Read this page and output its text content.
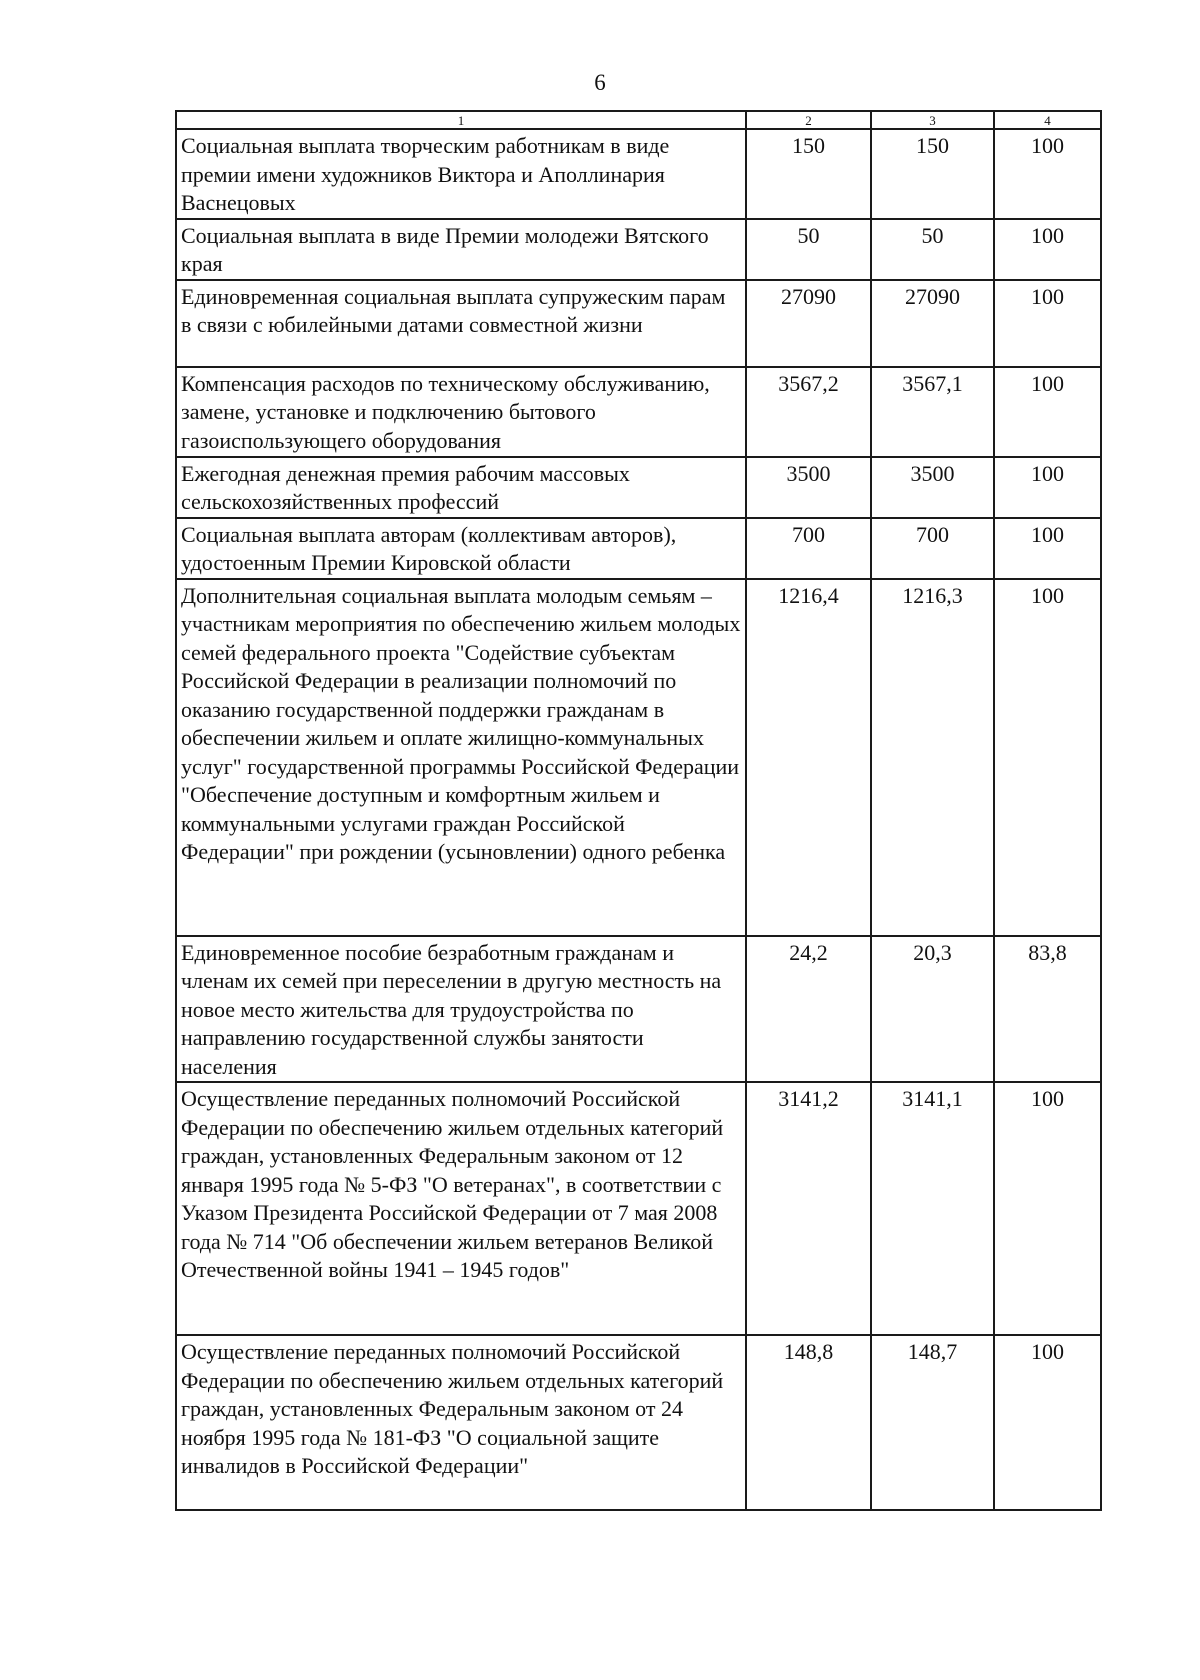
6
1	2	3	4
Социальная выплата творческим работникам в виде премии имени художников Виктора и Аполлинария Васнецовых	150	150	100
Социальная выплата в виде Премии молодежи Вятского края	50	50	100
Единовременная социальная выплата супружеским парам в связи с юбилейными датами совместной жизни	27090	27090	100
Компенсация расходов по техническому обслуживанию, замене, установке и подключению бытового газоиспользующего оборудования	3567,2	3567,1	100
Ежегодная денежная премия рабочим массовых сельскохозяйственных профессий	3500	3500	100
Социальная выплата авторам (коллективам авторов), удостоенным Премии Кировской области	700	700	100
Дополнительная социальная выплата молодым семьям – участникам мероприятия по обеспечению жильем молодых семей федерального проекта "Содействие субъектам Российской Федерации в реализации полномочий по оказанию государственной поддержки гражданам в обеспечении жильем и оплате жилищно-коммунальных услуг" государственной программы Российской Федерации "Обеспечение доступным и комфортным жильем и коммунальными услугами граждан Российской Федерации" при рождении (усыновлении) одного ребенка	1216,4	1216,3	100
Единовременное пособие безработным гражданам и членам их семей при переселении в другую местность на новое место жительства для трудоустройства по направлению государственной службы занятости населения	24,2	20,3	83,8
Осуществление переданных полномочий Российской Федерации по обеспечению жильем отдельных категорий граждан, установленных Федеральным законом от 12 января 1995 года № 5-ФЗ "О ветеранах", в соответствии с Указом Президента Российской Федерации от 7 мая 2008 года № 714 "Об обеспечении жильем ветеранов Великой Отечественной войны 1941 – 1945 годов"	3141,2	3141,1	100
Осуществление переданных полномочий Российской Федерации по обеспечению жильем отдельных категорий граждан, установленных Федеральным законом от 24 ноября 1995 года № 181-ФЗ "О социальной защите инвалидов в Российской Федерации"	148,8	148,7	100
